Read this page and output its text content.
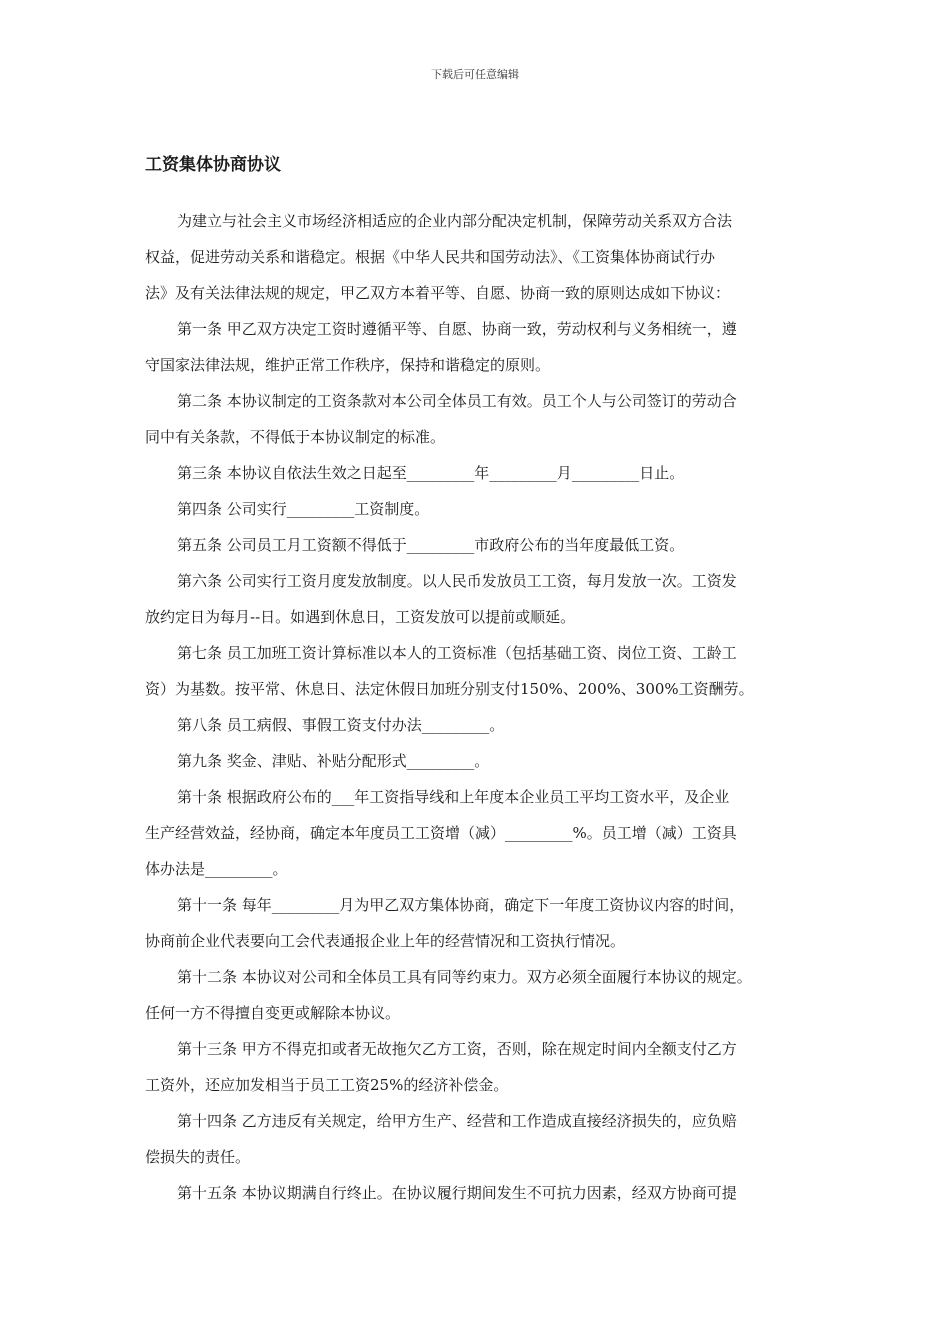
下载后可任意编辑
工资集体协商协议
为建立与社会主义市场经济相适应的企业内部分配决定机制，保障劳动关系双方合法
权益，促进劳动关系和谐稳定。根据《中华人民共和国劳动法》、《工资集体协商试行办
法》及有关法律法规的规定，甲乙双方本着平等、自愿、协商一致的原则达成如下协议：
第一条 甲乙双方决定工资时遵循平等、自愿、协商一致，劳动权利与义务相统一，遵
守国家法律法规，维护正常工作秩序，保持和谐稳定的原则。
第二条 本协议制定的工资条款对本公司全体员工有效。员工个人与公司签订的劳动合
同中有关条款，不得低于本协议制定的标准。
第三条 本协议自依法生效之日起至_________年_________月_________日止。
第四条 公司实行_________工资制度。
第五条 公司员工月工资额不得低于_________市政府公布的当年度最低工资。
第六条 公司实行工资月度发放制度。以人民币发放员工工资，每月发放一次。工资发
放约定日为每月--日。如遇到休息日，工资发放可以提前或顺延。
第七条 员工加班工资计算标准以本人的工资标准（包括基础工资、岗位工资、工龄工
资）为基数。按平常、休息日、法定休假日加班分别支付150%、200%、300%工资酬劳。
第八条 员工病假、事假工资支付办法_________。
第九条 奖金、津贴、补贴分配形式_________。
第十条 根据政府公布的___年工资指导线和上年度本企业员工平均工资水平，及企业
生产经营效益，经协商，确定本年度员工工资增（减）_________%。员工增（减）工资具
体办法是_________。
第十一条 每年_________月为甲乙双方集体协商，确定下一年度工资协议内容的时间，
协商前企业代表要向工会代表通报企业上年的经营情况和工资执行情况。
第十二条 本协议对公司和全体员工具有同等约束力。双方必须全面履行本协议的规定。
任何一方不得擅自变更或解除本协议。
第十三条 甲方不得克扣或者无故拖欠乙方工资，否则，除在规定时间内全额支付乙方
工资外，还应加发相当于员工工资25%的经济补偿金。
第十四条 乙方违反有关规定，给甲方生产、经营和工作造成直接经济损失的，应负赔
偿损失的责任。
第十五条 本协议期满自行终止。在协议履行期间发生不可抗力因素，经双方协商可提
